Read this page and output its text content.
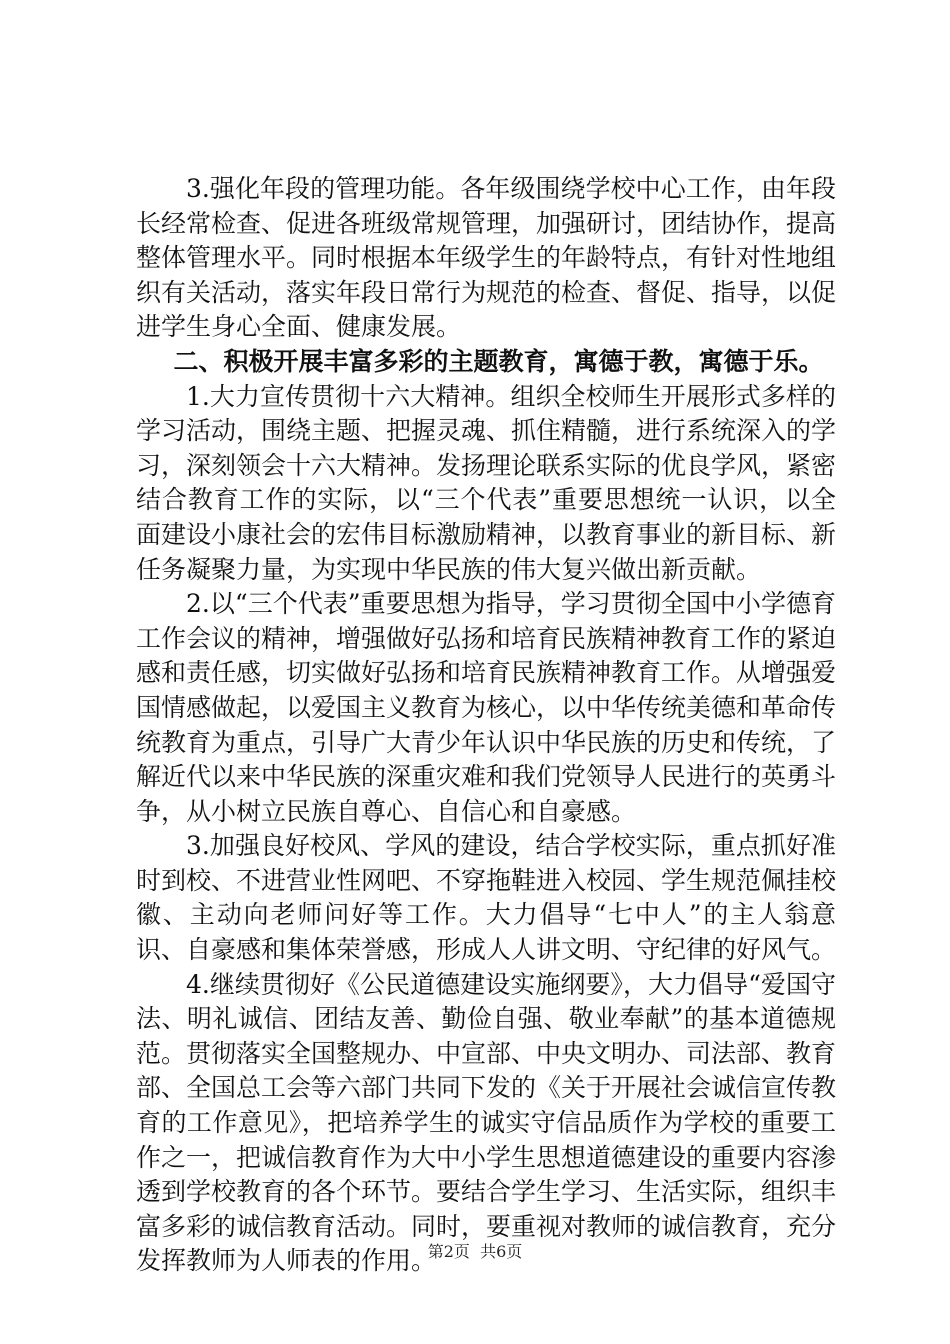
3.强化年段的管理功能。各年级围绕学校中心工作，由年段长经常检查、促进各班级常规管理，加强研讨，团结协作，提高整体管理水平。同时根据本年级学生的年龄特点，有针对性地组织有关活动，落实年段日常行为规范的检查、督促、指导，以促进学生身心全面、健康发展。

二、积极开展丰富多彩的主题教育，寓德于教，寓德于乐。

1.大力宣传贯彻十六大精神。组织全校师生开展形式多样的学习活动，围绕主题、把握灵魂、抓住精髓，进行系统深入的学习，深刻领会十六大精神。发扬理论联系实际的优良学风，紧密结合教育工作的实际，以“三个代表”重要思想统一认识，以全面建设小康社会的宏伟目标激励精神，以教育事业的新目标、新任务凝聚力量，为实现中华民族的伟大复兴做出新贡献。

2.以“三个代表”重要思想为指导，学习贯彻全国中小学德育工作会议的精神，增强做好弘扬和培育民族精神教育工作的紧迫感和责任感，切实做好弘扬和培育民族精神教育工作。从增强爱国情感做起，以爱国主义教育为核心，以中华传统美德和革命传统教育为重点，引导广大青少年认识中华民族的历史和传统，了解近代以来中华民族的深重灾难和我们党领导人民进行的英勇斗争，从小树立民族自尊心、自信心和自豪感。

3.加强良好校风、学风的建设，结合学校实际，重点抓好准时到校、不进营业性网吧、不穿拖鞋进入校园、学生规范佩挂校徽、主动向老师问好等工作。大力倡导“七中人”的主人翁意识、自豪感和集体荣誉感，形成人人讲文明、守纪律的好风气。

4.继续贯彻好《公民道德建设实施纲要》，大力倡导“爱国守法、明礼诚信、团结友善、勤俭自强、敬业奉献”的基本道德规范。贯彻落实全国整规办、中宣部、中央文明办、司法部、教育部、全国总工会等六部门共同下发的《关于开展社会诚信宣传教育的工作意见》，把培养学生的诚实守信品质作为学校的重要工作之一，把诚信教育作为大中小学生思想道德建设的重要内容渗透到学校教育的各个环节。要结合学生学习、生活实际，组织丰富多彩的诚信教育活动。同时，要重视对教师的诚信教育，充分发挥教师为人师表的作用。

第2页  共6页
